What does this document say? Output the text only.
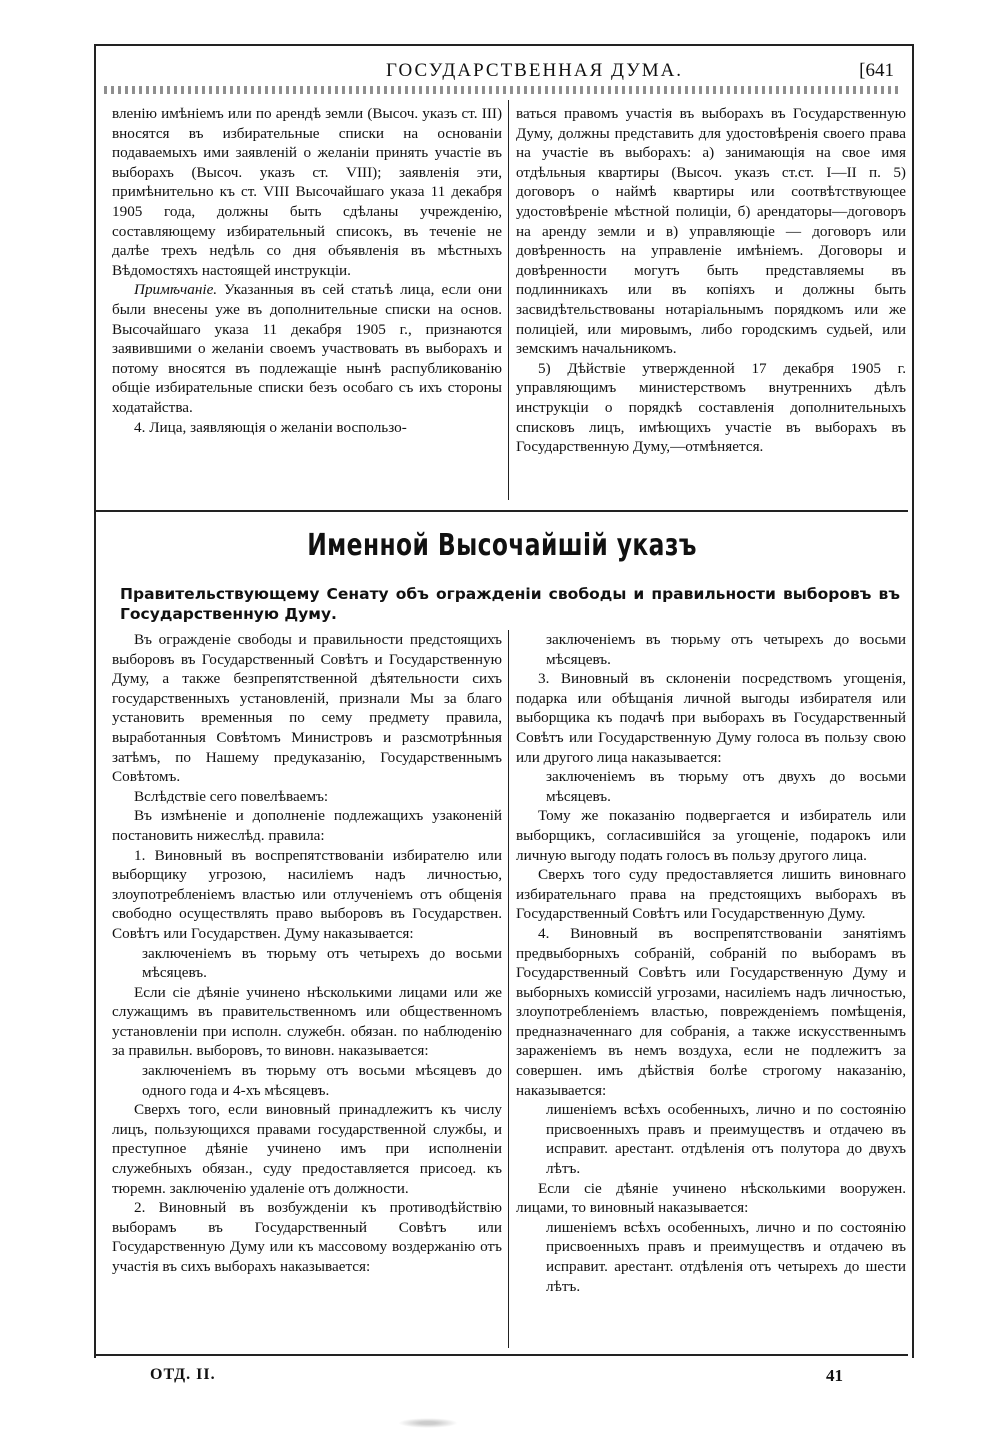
ГОСУДАРСТВЕННАЯ ДУМА.	[641

вленію имѣніемъ или по арендѣ земли (Высоч. указъ ст. III) вносятся въ избирательные списки на основаніи подаваемыхъ ими заявленій о желаніи принять участіе въ выборахъ (Высоч. указъ ст. VIII); заявленія эти, примѣнительно къ ст. VIII Высочайшаго указа 11 декабря 1905 года, должны быть сдѣланы учрежденію, составляющему избирательный списокъ, въ теченіе не далѣе трехъ недѣль со дня объявленія въ мѣстныхъ Вѣдомостяхъ настоящей инструкціи.

Примѣчаніе. Указанныя въ сей статьѣ лица, если они были внесены уже въ дополнительные списки на основ. Высочайшаго указа 11 декабря 1905 г., признаются заявившими о желаніи своемъ участвовать въ выборахъ и потому вносятся въ подлежащіе нынѣ распубликованію общіе избирательные списки безъ особаго съ ихъ стороны ходатайства.

4. Лица, заявляющія о желаніи воспользо-

ваться правомъ участія въ выборахъ въ Государственную Думу, должны представить для удостовѣренія своего права на участіе въ выборахъ: а) занимающія на свое имя отдѣльныя квартиры (Высоч. указъ ст.ст. I—II п. 5) договоръ о наймѣ квартиры или соотвѣтствующее удостовѣреніе мѣстной полиціи, б) арендаторы—договоръ на аренду земли и в) управляющіе — договоръ или довѣренность на управленіе имѣніемъ. Договоры и довѣренности могутъ быть представляемы въ подлинникахъ или въ копіяхъ и должны быть засвидѣтельствованы нотаріальнымъ порядкомъ или же полиціей, или мировымъ, либо городскимъ судьей, или земскимъ начальникомъ.

5) Дѣйствіе утвержденной 17 декабря 1905 г. управляющимъ министерствомъ внутреннихъ дѣлъ инструкціи о порядкѣ составленія дополнительныхъ списковъ лицъ, имѣющихъ участіе въ выборахъ въ Государственную Думу,—отмѣняется.

Именной Высочайшій указъ
Правительствующему Сенату объ огражденіи свободы и правильности выборовъ въ Государственную Думу.

Въ огражденіе свободы и правильности предстоящихъ выборовъ въ Государственный Совѣтъ и Государственную Думу, а также безпрепятственной дѣятельности сихъ государственныхъ установленій, признали Мы за благо установить временныя по сему предмету правила, выработанныя Совѣтомъ Министровъ и разсмотрѣнныя затѣмъ, по Нашему предуказанію, Государственнымъ Совѣтомъ.

Вслѣдствіе сего повелѣваемъ:

Въ измѣненіе и дополненіе подлежащихъ узаконеній постановить нижеслѣд. правила:

1. Виновный въ воспрепятствованіи избирателю или выборщику угрозою, насиліемъ надъ личностью, злоупотребленіемъ властью или отлученіемъ отъ общенія свободно осуществлять право выборовъ въ Государствен. Совѣтъ или Государствен. Думу наказывается:

заключеніемъ въ тюрьму отъ четырехъ до восьми мѣсяцевъ.

Если сіе дѣяніе учинено нѣсколькими лицами или же служащимъ въ правительственномъ или общественномъ установленіи при исполн. служебн. обязан. по наблюденію за правильн. выборовъ, то виновн. наказывается:

заключеніемъ въ тюрьму отъ восьми мѣсяцевъ до одного года и 4-хъ мѣсяцевъ.

Сверхъ того, если виновный принадлежитъ къ числу лицъ, пользующихся правами государственной службы, и преступное дѣяніе учинено имъ при исполненіи служебныхъ обязан., суду предоставляется присоед. къ тюремн. заключенію удаленіе отъ должности.

2. Виновный въ возбужденіи къ противодѣйствію выборамъ въ Государственный Совѣтъ или Государственную Думу или къ массовому воздержанію отъ участія въ сихъ выборахъ наказывается:

заключеніемъ въ тюрьму отъ четырехъ до восьми мѣсяцевъ.

3. Виновный въ склоненіи посредствомъ угощенія, подарка или обѣщанія личной выгоды избирателя или выборщика къ подачѣ при выборахъ въ Государственный Совѣтъ или Государственную Думу голоса въ пользу свою или другого лица наказывается:

заключеніемъ въ тюрьму отъ двухъ до восьми мѣсяцевъ.

Тому же показанію подвергается и избиратель или выборщикъ, согласившійся за угощеніе, подарокъ или личную выгоду подать голосъ въ пользу другого лица.

Сверхъ того суду предоставляется лишить виновнаго избирательнаго права на предстоящихъ выборахъ въ Государственный Совѣтъ или Государственную Думу.

4. Виновный въ воспрепятствованіи занятіямъ предвыборныхъ собраній, собраній по выборамъ въ Государственный Совѣтъ или Государственную Думу и выборныхъ комиссій угрозами, насиліемъ надъ личностью, злоупотребленіемъ властью, поврежденіемъ помѣщенія, предназначеннаго для собранія, а также искусственнымъ зараженіемъ въ немъ воздуха, если не подлежитъ за совершен. имъ дѣйствія болѣе строгому наказанію, наказывается:

лишеніемъ всѣхъ особенныхъ, лично и по состоянію присвоенныхъ правъ и преимуществъ и отдачею въ исправит. арестант. отдѣленія отъ полутора до двухъ лѣтъ.

Если сіе дѣяніе учинено нѣсколькими вооружен. лицами, то виновный наказывается:

лишеніемъ всѣхъ особенныхъ, лично и по состоянію присвоенныхъ правъ и преимуществъ и отдачею въ исправит. арестант. отдѣленія отъ четырехъ до шести лѣтъ.

ОТД. II.	41
